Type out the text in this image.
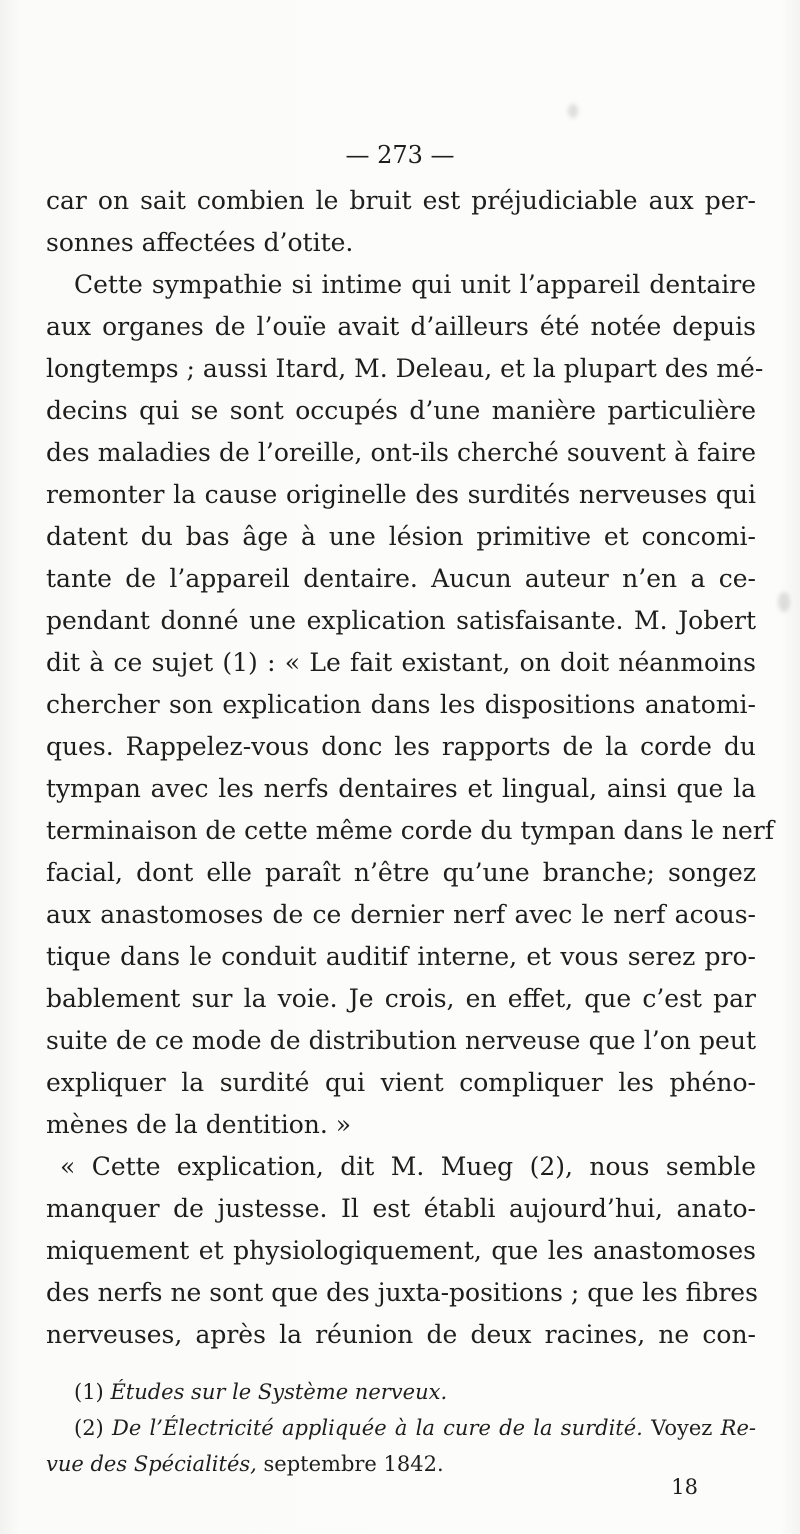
— 273 —

car on sait combien le bruit est préjudiciable aux per-
sonnes affectées d’otite.

Cette sympathie si intime qui unit l’appareil dentaire
aux organes de l’ouïe avait d’ailleurs été notée depuis
longtemps ; aussi Itard, M. Deleau, et la plupart des mé-
decins qui se sont occupés d’une manière particulière
des maladies de l’oreille, ont-ils cherché souvent à faire
remonter la cause originelle des surdités nerveuses qui
datent du bas âge à une lésion primitive et concomi-
tante de l’appareil dentaire. Aucun auteur n’en a ce-
pendant donné une explication satisfaisante. M. Jobert
dit à ce sujet (1) : « Le fait existant, on doit néanmoins
chercher son explication dans les dispositions anatomi-
ques. Rappelez-vous donc les rapports de la corde du
tympan avec les nerfs dentaires et lingual, ainsi que la
terminaison de cette même corde du tympan dans le nerf
facial, dont elle paraît n’être qu’une branche; songez
aux anastomoses de ce dernier nerf avec le nerf acous-
tique dans le conduit auditif interne, et vous serez pro-
bablement sur la voie. Je crois, en effet, que c’est par
suite de ce mode de distribution nerveuse que l’on peut
expliquer la surdité qui vient compliquer les phéno-
mènes de la dentition. »

« Cette explication, dit M. Mueg (2), nous semble
manquer de justesse. Il est établi aujourd’hui, anato-
miquement et physiologiquement, que les anastomoses
des nerfs ne sont que des juxta-positions ; que les fibres
nerveuses, après la réunion de deux racines, ne con-

(1) Études sur le Système nerveux.
(2) De l’Électricité appliquée à la cure de la surdité. Voyez Re-
vue des Spécialités, septembre 1842.
18
